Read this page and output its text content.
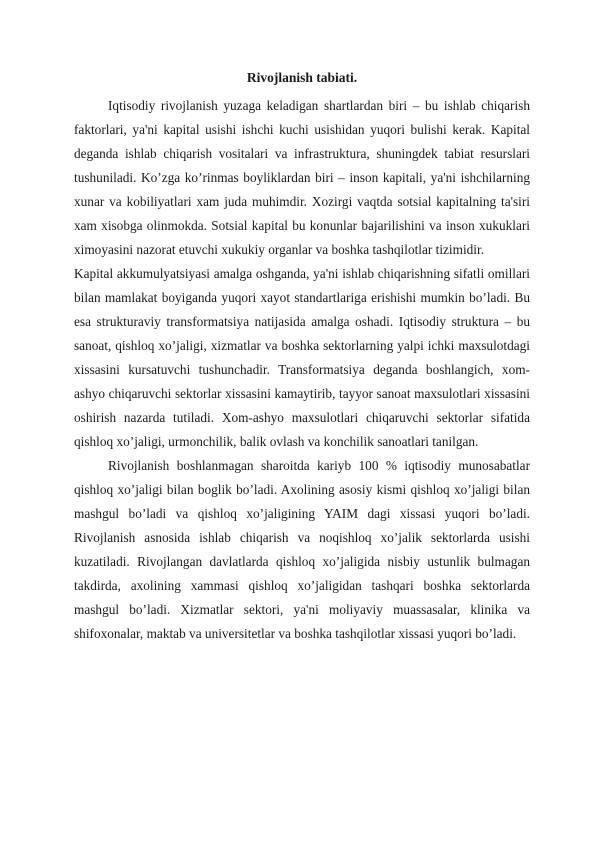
Rivojlanish tabiati.

Iqtisodiy rivojlanish yuzaga keladigan shartlardan biri – bu ishlab chiqarish faktorlari, ya'ni kapital usishi ishchi kuchi usishidan yuqori bulishi kerak. Kapital deganda ishlab chiqarish vositalari va infrastruktura, shuningdek tabiat resurslari tushuniladi. Ko’zga ko’rinmas boyliklardan biri – inson kapitali, ya'ni ishchilarning xunar va kobiliyatlari xam juda muhimdir. Xozirgi vaqtda sotsial kapitalning ta'siri xam xisobga olinmokda. Sotsial kapital bu konunlar bajarilishini va inson xukuklari ximoyasini nazorat etuvchi xukukiy organlar va boshka tashqilotlar tizimidir.

Kapital akkumulyatsiyasi amalga oshganda, ya'ni ishlab chiqarishning sifatli omillari bilan mamlakat boyiganda yuqori xayot standartlariga erishishi mumkin bo’ladi. Bu esa strukturaviy transformatsiya natijasida amalga oshadi. Iqtisodiy struktura – bu sanoat, qishloq xo’jaligi, xizmatlar va boshka sektorlarning yalpi ichki maxsulotdagi xissasini kursatuvchi tushunchadir. Transformatsiya deganda boshlangich, xom-ashyo chiqaruvchi sektorlar xissasini kamaytirib, tayyor sanoat maxsulotlari xissasini oshirish nazarda tutiladi. Xom-ashyo maxsulotlari chiqaruvchi sektorlar sifatida qishloq xo’jaligi, urmonchilik, balik ovlash va konchilik sanoatlari tanilgan.

Rivojlanish boshlanmagan sharoitda kariyb 100 % iqtisodiy munosabatlar qishloq xo’jaligi bilan boglik bo’ladi. Axolining asosiy kismi qishloq xo’jaligi bilan mashgul bo’ladi va qishloq xo’jaligining YAIM dagi xissasi yuqori bo’ladi. Rivojlanish asnosida ishlab chiqarish va noqishloq xo’jalik sektorlarda usishi kuzatiladi. Rivojlangan davlatlarda qishloq xo’jaligida nisbiy ustunlik bulmagan takdirda, axolining xammasi qishloq xo’jaligidan tashqari boshka sektorlarda mashgul bo’ladi. Xizmatlar sektori, ya'ni moliyaviy muassasalar, klinika va shifoxonalar, maktab va universitetlar va boshka tashqilotlar xissasi yuqori bo’ladi.
